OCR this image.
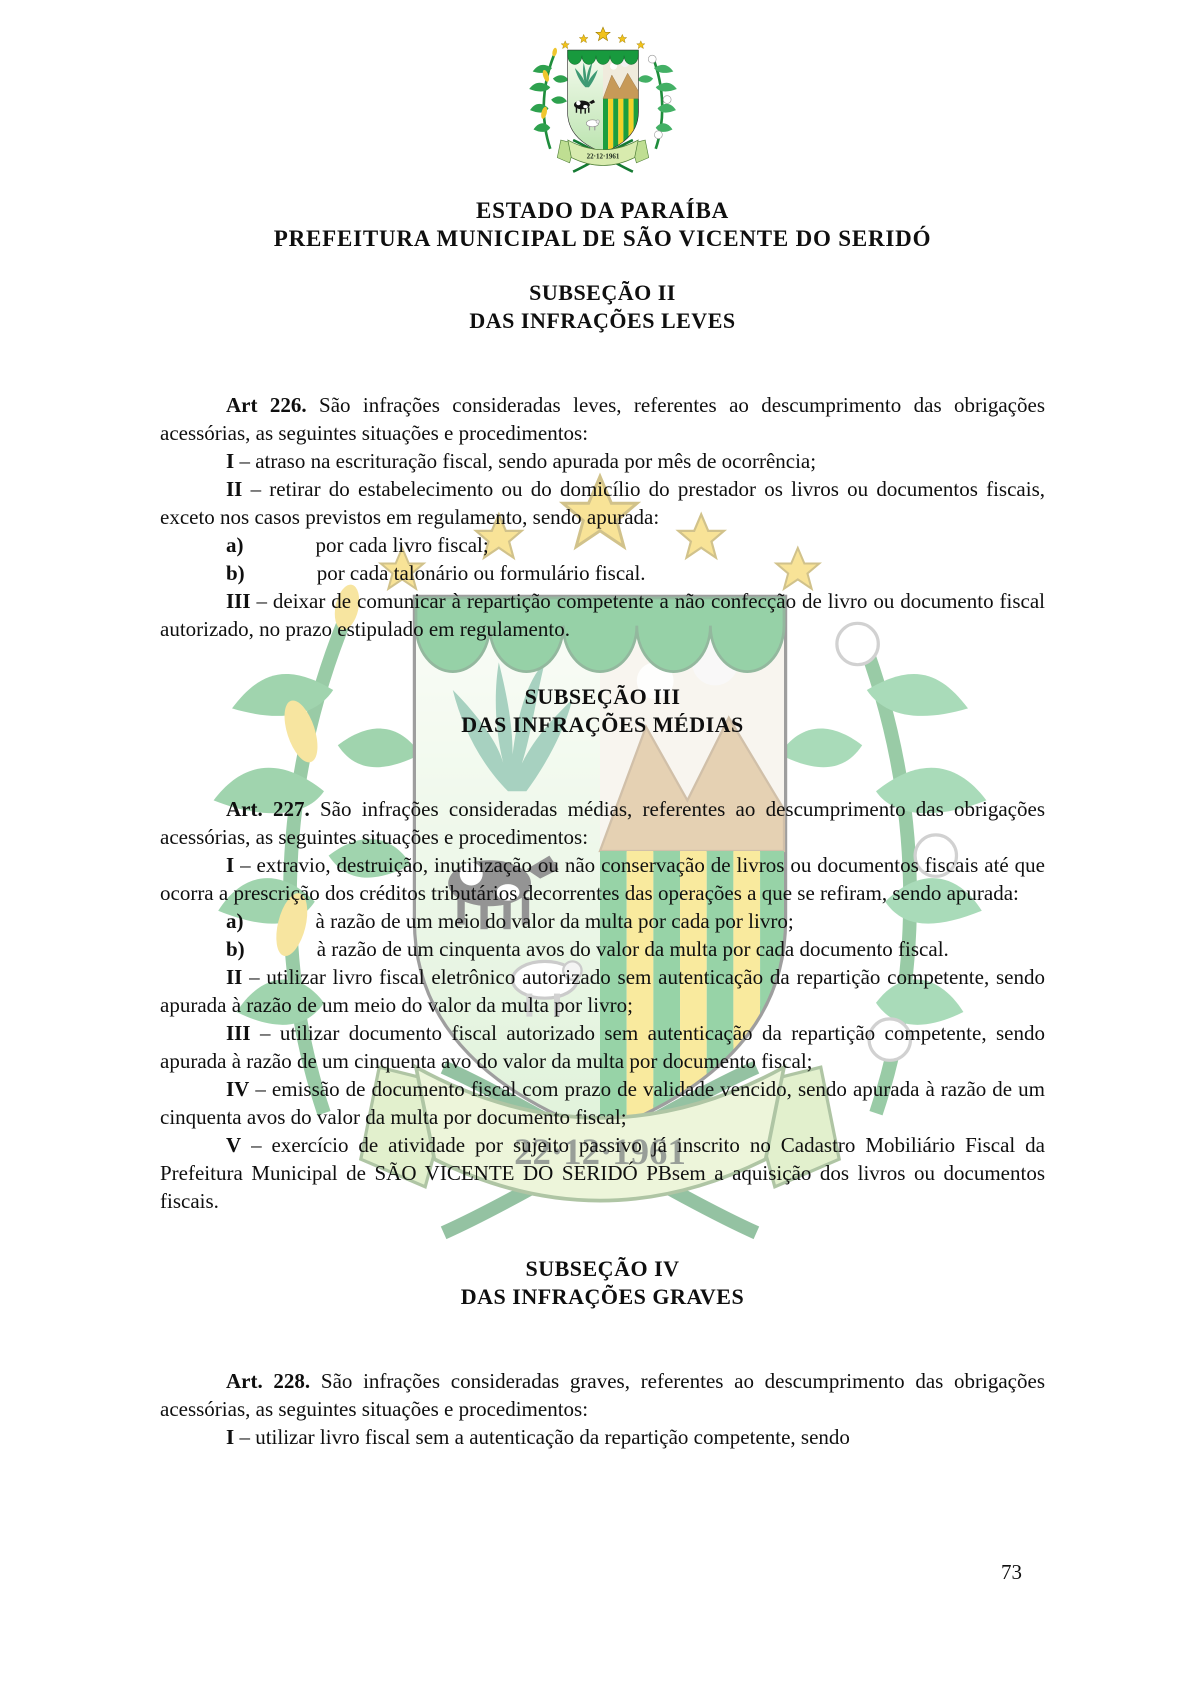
ESTADO DA PARAÍBA
PREFEITURA MUNICIPAL DE SÃO VICENTE DO SERIDÓ
SUBSEÇÃO II
DAS INFRAÇÕES LEVES

Art 226. São infrações consideradas leves, referentes ao descumprimento das obrigações acessórias, as seguintes situações e procedimentos:

I – atraso na escrituração fiscal, sendo apurada por mês de ocorrência;

II – retirar do estabelecimento ou do domicílio do prestador os livros ou documentos fiscais, exceto nos casos previstos em regulamento, sendo apurada:

a)	por cada livro fiscal;

b)	por cada talonário ou formulário fiscal.

III – deixar de comunicar à repartição competente a não confecção de livro ou documento fiscal autorizado, no prazo estipulado em regulamento.

SUBSEÇÃO III
DAS INFRAÇÕES MÉDIAS

Art. 227. São infrações consideradas médias, referentes ao descumprimento das obrigações acessórias, as seguintes situações e procedimentos:

I – extravio, destruição, inutilização ou não conservação de livros ou documentos fiscais até que ocorra a prescrição dos créditos tributários decorrentes das operações a que se refiram, sendo apurada:

a)	à razão de um meio do valor da multa por cada por livro;

b)	à razão de um cinquenta avos do valor da multa por cada documento fiscal.

II – utilizar livro fiscal eletrônico autorizado sem autenticação da repartição competente, sendo apurada à razão de um meio do valor da multa por livro;

III – utilizar documento fiscal autorizado sem autenticação da repartição competente, sendo apurada à razão de um cinquenta avo do valor da multa por documento fiscal;

IV – emissão de documento fiscal com prazo de validade vencido, sendo apurada à razão de um cinquenta avos do valor da multa por documento fiscal;

V – exercício de atividade por sujeito passivo já inscrito no Cadastro Mobiliário Fiscal da Prefeitura Municipal de SÃO VICENTE DO SERIDÓ PBsem a aquisição dos livros ou documentos fiscais.

SUBSEÇÃO IV
DAS INFRAÇÕES GRAVES

Art. 228. São infrações consideradas graves, referentes ao descumprimento das obrigações acessórias, as seguintes situações e procedimentos:

I – utilizar livro fiscal sem a autenticação da repartição competente, sendo

73
